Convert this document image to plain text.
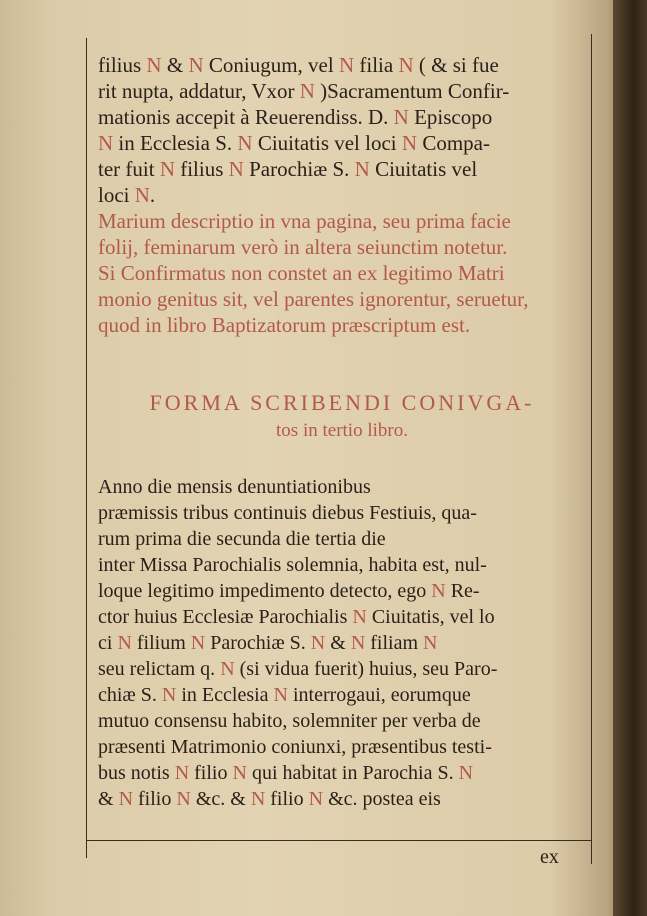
filius N & N Coniugum, vel N filia N ( & si fue
rit nupta, addatur, Vxor N )Sacramentum Confir-
mationis accepit à Reuerendiss. D. N Episcopo
N in Ecclesia S. N Ciuitatis vel loci N Compa-
ter fuit N filius N Parochiæ S. N Ciuitatis vel
loci N.
Marium descriptio in vna pagina, seu prima facie
folij, feminarum verò in altera seiunctim notetur.
Si Confirmatus non constet an ex legitimo Matri
monio genitus sit, vel parentes ignorentur, seruetur,
quod in libro Baptizatorum præscriptum est.
FORMA SCRIBENDI CONIVGA-
tos in tertio libro.
Anno die mensis denuntiationibus
præmissis tribus continuis diebus Festiuis, qua-
rum prima die secunda die tertia die
inter Missa Parochialis solemnia, habita est, nul-
loque legitimo impedimento detecto, ego N Re-
ctor huius Ecclesiæ Parochialis N Ciuitatis, vel lo
ci N filium N Parochiæ S. N & N filiam N
seu relictam q. N (si vidua fuerit) huius, seu Paro-
chiæ S. N in Ecclesia N interrogaui, eorumque
mutuo consensu habito, solemniter per verba de
præsenti Matrimonio coniunxi, præsentibus testi-
bus notis N filio N qui habitat in Parochia S. N
& N filio N &c. & N filio N &c. postea eis
ex
